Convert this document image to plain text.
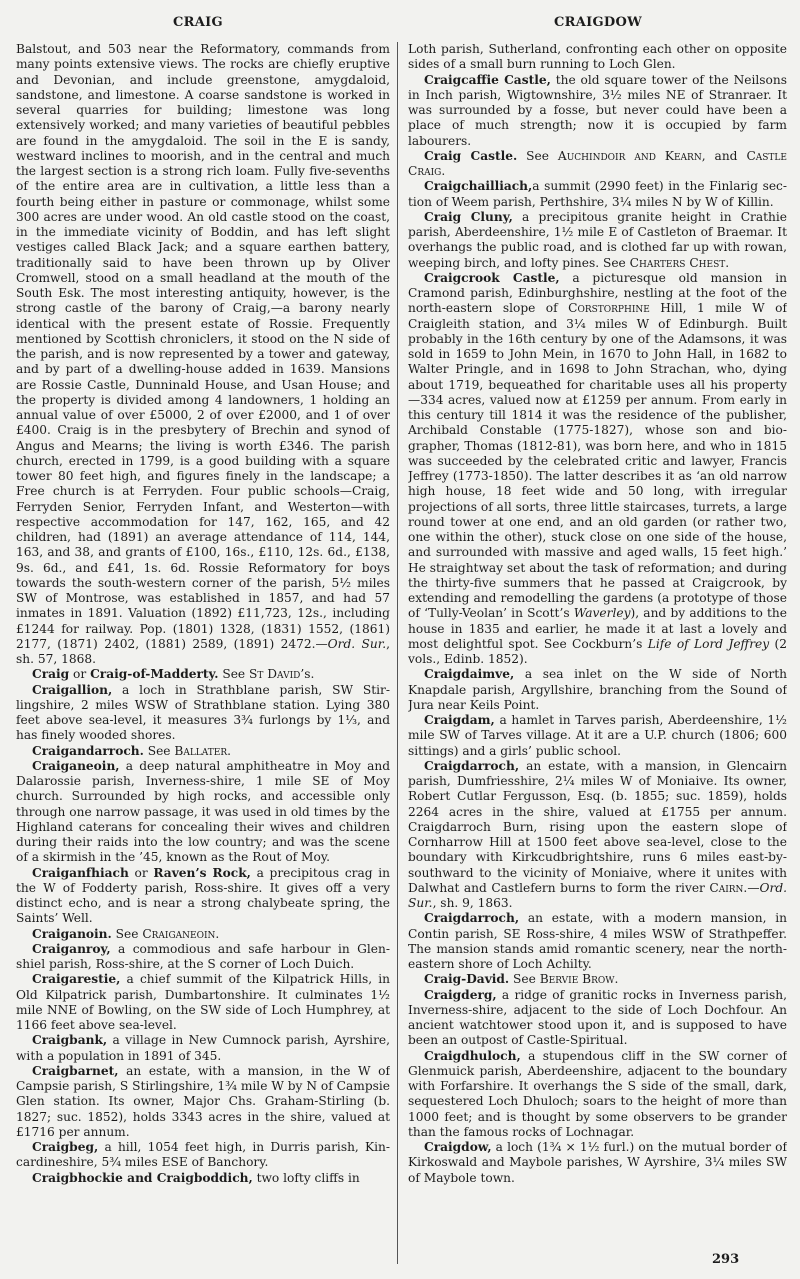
CRAIG	CRAIGDOW

Balstout, and 503 near the Reformatory, commands from many points extensive views. The rocks are chiefly eruptive and Devonian, and include greenstone, amygdaloid, sandstone, and limestone. A coarse sandstone is worked in several quarries for building; limestone was long extensively worked; and many varieties of beautiful pebbles are found in the amygdaloid. The soil in the E is sandy, westward inclines to moorish, and in the central and much the largest section is a strong rich loam. Fully five-sevenths of the entire area are in cultivation, a little less than a fourth being either in pasture or commonage, whilst some 300 acres are under wood. An old castle stood on the coast, in the immediate vicinity of Boddin, and has left slight vestiges called Black Jack; and a square earthen battery, traditionally said to have been thrown up by Oliver Cromwell, stood on a small headland at the mouth of the South Esk. The most interesting antiquity, however, is the strong castle of the barony of Craig,—a barony nearly identical with the present estate of Rossie. Frequently mentioned by Scottish chroniclers, it stood on the N side of the parish, and is now represented by a tower and gateway, and by part of a dwelling-house added in 1639. Mansions are Rossie Castle, Dunninald House, and Usan House; and the property is divided among 4 landowners, 1 holding an annual value of over £5000, 2 of over £2000, and 1 of over £400. Craig is in the presbytery of Brechin and synod of Angus and Mearns; the living is worth £346. The parish church, erected in 1799, is a good building with a square tower 80 feet high, and figures finely in the landscape; a Free church is at Ferryden. Four public schools—Craig, Ferryden Senior, Ferryden Infant, and Westerton—with respective accommodation for 147, 162, 165, and 42 children, had (1891) an average attendance of 114, 144, 163, and 38, and grants of £100, 16s., £110, 12s. 6d., £138, 9s. 6d., and £41, 1s. 6d. Rossie Reformatory for boys towards the south-western corner of the parish, 5½ miles SW of Montrose, was established in 1857, and had 57 inmates in 1891. Valuation (1892) £11,723, 12s., including £1244 for railway. Pop. (1801) 1328, (1831) 1552, (1861) 2177, (1871) 2402, (1881) 2589, (1891) 2472.—Ord. Sur., sh. 57, 1868.

Craig or Craig-of-Madderty. See St David’s.

Craigallion, a loch in Strathblane parish, SW Stirlingshire, 2 miles WSW of Strathblane station. Lying 380 feet above sea-level, it measures 3¾ furlongs by 1⅓, and has finely wooded shores.

Craigandarroch. See Ballater.

Craiganeoin, a deep natural amphitheatre in Moy and Dalarossie parish, Inverness-shire, 1 mile SE of Moy church. Surrounded by high rocks, and accessible only through one narrow passage, it was used in old times by the Highland caterans for concealing their wives and children during their raids into the low country; and was the scene of a skirmish in the ’45, known as the Rout of Moy.

Craiganfhiach or Raven’s Rock, a precipitous crag in the W of Fodderty parish, Ross-shire. It gives off a very distinct echo, and is near a strong chalybeate spring, the Saints’ Well.

Craiganoin. See Craiganeoin.

Craiganroy, a commodious and safe harbour in Glenshiel parish, Ross-shire, at the S corner of Loch Duich.

Craigarestie, a chief summit of the Kilpatrick Hills, in Old Kilpatrick parish, Dumbartonshire. It culminates 1½ mile NNE of Bowling, on the SW side of Loch Humphrey, at 1166 feet above sea-level.

Craigbank, a village in New Cumnock parish, Ayrshire, with a population in 1891 of 345.

Craigbarnet, an estate, with a mansion, in the W of Campsie parish, S Stirlingshire, 1¾ mile W by N of Campsie Glen station. Its owner, Major Chs. Graham-Stirling (b. 1827; suc. 1852), holds 3343 acres in the shire, valued at £1716 per annum.

Craigbeg, a hill, 1054 feet high, in Durris parish, Kincardineshire, 5¾ miles ESE of Banchory.

Craigbhockie and Craigboddich, two lofty cliffs in

Loth parish, Sutherland, confronting each other on opposite sides of a small burn running to Loch Glen.

Craigcaffie Castle, the old square tower of the Neilsons in Inch parish, Wigtownshire, 3½ miles NE of Stranraer. It was surrounded by a fosse, but never could have been a place of much strength; now it is occupied by farm labourers.

Craig Castle. See Auchindoir and Kearn, and Castle Craig.

Craigchailliach,a summit (2990 feet) in the Finlarig section of Weem parish, Perthshire, 3¼ miles N by W of Killin.

Craig Cluny, a precipitous granite height in Crathie parish, Aberdeenshire, 1½ mile E of Castleton of Braemar. It overhangs the public road, and is clothed far up with rowan, weeping birch, and lofty pines. See Charters Chest.

Craigcrook Castle, a picturesque old mansion in Cramond parish, Edinburghshire, nestling at the foot of the north-eastern slope of Corstorphine Hill, 1 mile W of Craigleith station, and 3¼ miles W of Edinburgh. Built probably in the 16th century by one of the Adamsons, it was sold in 1659 to John Mein, in 1670 to John Hall, in 1682 to Walter Pringle, and in 1698 to John Strachan, who, dying about 1719, bequeathed for charitable uses all his property—334 acres, valued now at £1259 per annum. From early in this century till 1814 it was the residence of the publisher, Archibald Constable (1775-1827), whose son and biographer, Thomas (1812-81), was born here, and who in 1815 was succeeded by the celebrated critic and lawyer, Francis Jeffrey (1773-1850). The latter describes it as ‘an old narrow high house, 18 feet wide and 50 long, with irregular projections of all sorts, three little staircases, turrets, a large round tower at one end, and an old garden (or rather two, one within the other), stuck close on one side of the house, and surrounded with massive and aged walls, 15 feet high.’ He straightway set about the task of reformation; and during the thirty-five summers that he passed at Craigcrook, by extending and remodelling the gardens (a prototype of those of ‘Tully-Veolan’ in Scott’s Waverley), and by additions to the house in 1835 and earlier, he made it at last a lovely and most delightful spot. See Cockburn’s Life of Lord Jeffrey (2 vols., Edinb. 1852).

Craigdaimve, a sea inlet on the W side of North Knapdale parish, Argyllshire, branching from the Sound of Jura near Keils Point.

Craigdam, a hamlet in Tarves parish, Aberdeenshire, 1½ mile SW of Tarves village. At it are a U.P. church (1806; 600 sittings) and a girls’ public school.

Craigdarroch, an estate, with a mansion, in Glencairn parish, Dumfriesshire, 2¼ miles W of Moniaive. Its owner, Robert Cutlar Fergusson, Esq. (b. 1855; suc. 1859), holds 2264 acres in the shire, valued at £1755 per annum. Craigdarroch Burn, rising upon the eastern slope of Cornharrow Hill at 1500 feet above sea-level, close to the boundary with Kirkcudbrightshire, runs 6 miles east-by-southward to the vicinity of Moniaive, where it unites with Dalwhat and Castlefern burns to form the river Cairn.—Ord. Sur., sh. 9, 1863.

Craigdarroch, an estate, with a modern mansion, in Contin parish, SE Ross-shire, 4 miles WSW of Strathpeffer. The mansion stands amid romantic scenery, near the north-eastern shore of Loch Achilty.

Craig-David. See Bervie Brow.

Craigderg, a ridge of granitic rocks in Inverness parish, Inverness-shire, adjacent to the side of Loch Dochfour. An ancient watchtower stood upon it, and is supposed to have been an outpost of Castle-Spiritual.

Craigdhuloch, a stupendous cliff in the SW corner of Glenmuick parish, Aberdeenshire, adjacent to the boundary with Forfarshire. It overhangs the S side of the small, dark, sequestered Loch Dhuloch; soars to the height of more than 1000 feet; and is thought by some observers to be grander than the famous rocks of Lochnagar.

Craigdow, a loch (1¾ × 1½ furl.) on the mutual border of Kirkoswald and Maybole parishes, W Ayrshire, 3¼ miles SW of Maybole town.

293
